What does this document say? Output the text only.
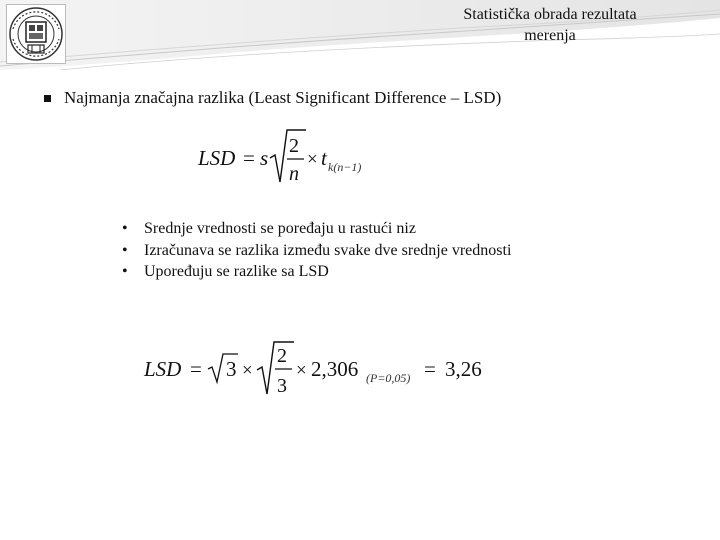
Statistička obrada rezultata
merenja
Najmanja značajna razlika (Least Significant Difference – LSD)
LSD = s 2
n
× t k(n−1)
•	Srednje vrednosti se poređaju u rastući niz
•	Izračunava se razlika između svake dve srednje vrednosti
•	Upoređuju se razlike sa LSD
LSD = 3 ×
2
3
× 2,306 (P=0,05) = 3,26
